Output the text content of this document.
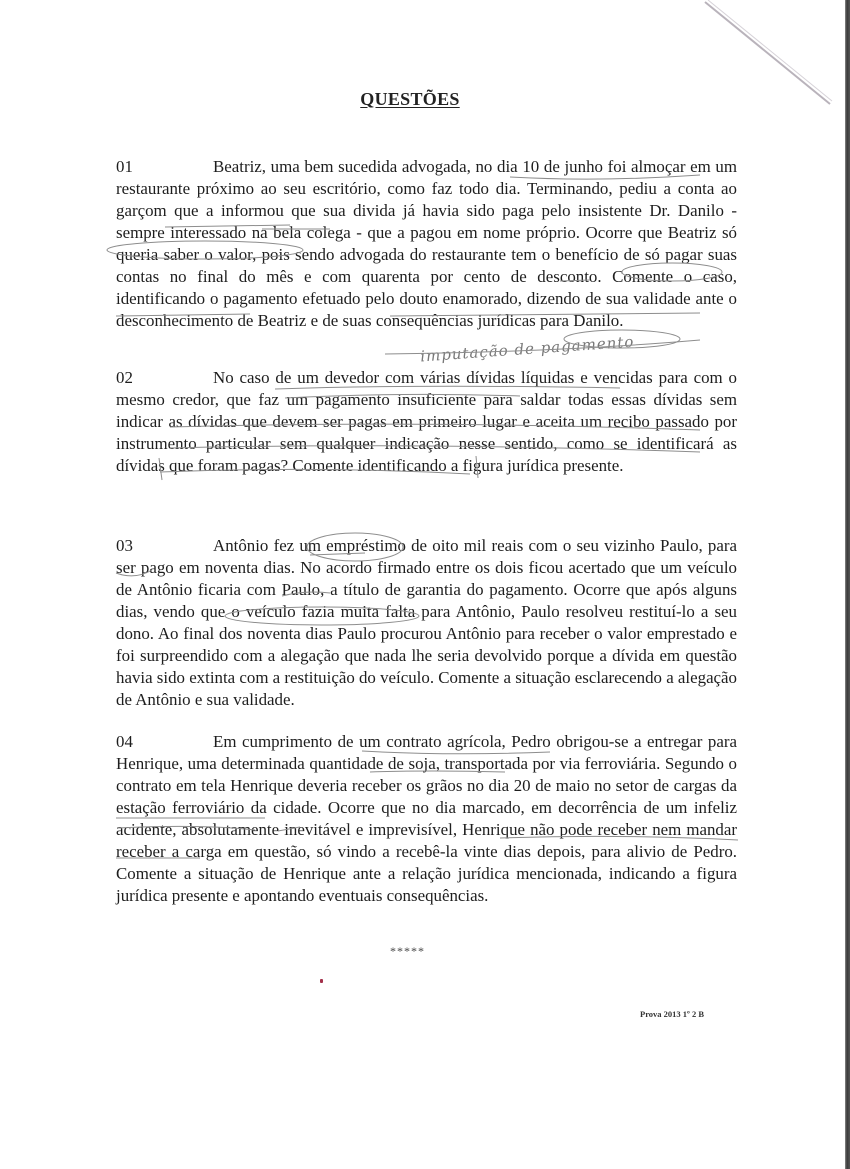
QUESTÕES
01	Beatriz, uma bem sucedida advogada, no dia 10 de junho foi almoçar em um restaurante próximo ao seu escritório, como faz todo dia. Terminando, pediu a conta ao garçom que a informou que sua divida já havia sido paga pelo insistente Dr. Danilo - sempre interessado na bela colega - que a pagou em nome próprio. Ocorre que Beatriz só queria saber o valor, pois sendo advogada do restaurante tem o benefício de só pagar suas contas no final do mês e com quarenta por cento de desconto. Comente o caso, identificando o pagamento efetuado pelo douto enamorado, dizendo de sua validade ante o desconhecimento de Beatriz e de suas consequências jurídicas para Danilo.
imputação de pagamento
02	No caso de um devedor com várias dívidas líquidas e vencidas para com o mesmo credor, que faz um pagamento insuficiente para saldar todas essas dívidas sem indicar as dívidas que devem ser pagas em primeiro lugar e aceita um recibo passado por instrumento particular sem qualquer indicação nesse sentido, como se identificará as dívidas que foram pagas? Comente identificando a figura jurídica presente.
03	Antônio fez um empréstimo de oito mil reais com o seu vizinho Paulo, para ser pago em noventa dias. No acordo firmado entre os dois ficou acertado que um veículo de Antônio ficaria com Paulo, a título de garantia do pagamento. Ocorre que após alguns dias, vendo que o veículo fazia muita falta para Antônio, Paulo resolveu restituí-lo a seu dono. Ao final dos noventa dias Paulo procurou Antônio para receber o valor emprestado e foi surpreendido com a alegação que nada lhe seria devolvido porque a dívida em questão havia sido extinta com a restituição do veículo. Comente a situação esclarecendo a alegação de Antônio e sua validade.
04	Em cumprimento de um contrato agrícola, Pedro obrigou-se a entregar para Henrique, uma determinada quantidade de soja, transportada por via ferroviária. Segundo o contrato em tela Henrique deveria receber os grãos no dia 20 de maio no setor de cargas da estação ferroviário da cidade. Ocorre que no dia marcado, em decorrência de um infeliz acidente, absolutamente inevitável e imprevisível, Henrique não pode receber nem mandar receber a carga em questão, só vindo a recebê-la vinte dias depois, para alivio de Pedro. Comente a situação de Henrique ante a relação jurídica mencionada, indicando a figura jurídica presente e apontando eventuais consequências.
*****
Prova 2013 1º 2 B
